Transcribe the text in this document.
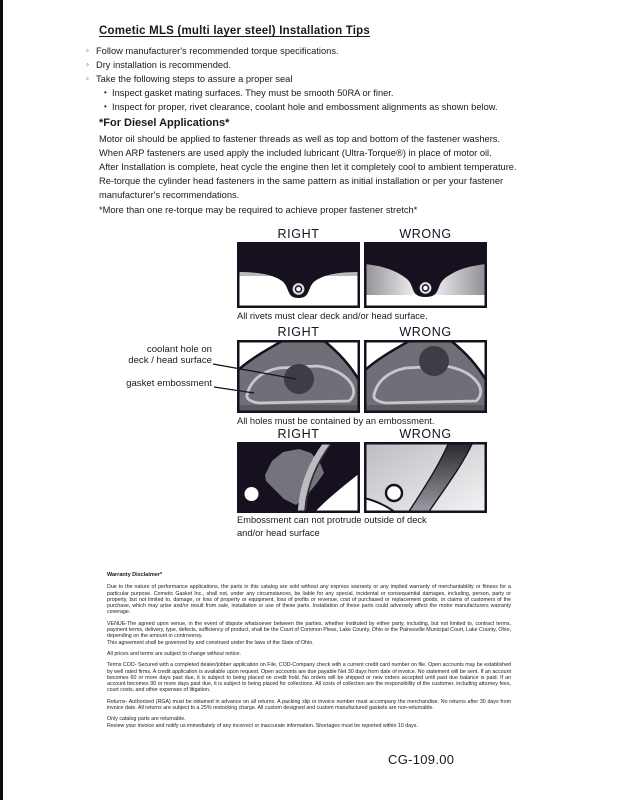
Cometic MLS (multi layer steel) Installation Tips
◦ Follow manufacturer's recommended torque specifications.
◦ Dry installation is recommended.
◦ Take the following steps to assure a proper seal
• Inspect gasket mating surfaces. They must be smooth 50RA or finer.
• Inspect for proper, rivet clearance, coolant hole and embossment alignments as shown below.
*For Diesel Applications*
Motor oil should be applied to fastener threads as well as top and bottom of the fastener washers. When ARP fasteners are used apply the included lubricant (Ultra-Torque®) in place of motor oil.
After Installation is complete, heat cycle the engine then let it completely cool to ambient temperature. Re-torque the cylinder head fasteners in the same pattern as initial installation or per your fastener manufacturer's recommendations.
*More than one re-torque may be required to achieve proper fastener stretch*
RIGHT	WRONG
All rivets must clear deck and/or head surface.
RIGHT	WRONG
coolant hole on
deck / head surface
gasket embossment
All holes must be contained by an embossment.
RIGHT	WRONG
Embossment can not protrude outside of deck and/or head surface
Warranty Disclaimer*
Due to the nature of performance applications, the parts in this catalog are sold without any express warranty or any implied warranty of merchantability or fitness for a particular purpose. Cometic Gasket Inc., shall not, under any circumstances, be liable for any special, incidental or consequential damages, including, person, party or property, but not limited to, damage, or loss of property or equipment, loss of profits or revenue, cost of purchased or replacement goods, or claims of customers of the purchase, which may arise and/or result from sale, installation or use of these parts. Installation of these parts could adversely affect the motor manufacturers warranty coverage.
VENUE-The agreed upon venue, in the event of dispute whatsoever between the parties, whether instituted by either party, including, but not limited to, contract terms, payment terms, delivery, type, defects, sufficiency of product, shall be the Court of Common Pleas, Lake County, Ohio or the Painesville Municipal Court, Lake County, Ohio, depending on the amount in controversy.
This agreement shall be governed by and construed under the laws of the State of Ohio.
All prices and terms are subject to change without notice.
Terms COD- Secured with a completed dealer/jobber application on File, COD-Company check with a current credit card number on file. Open accounts may be established by well rated firms. A credit application is available upon request. Open accounts are due payable Net 30 days from date of invoice. No statement will be sent. If an account becomes 60 or more days past due, it is subject to being placed on credit hold. No orders will be shipped or new orders accepted until past due balance is paid. If an account becomes 90 or more days past due, it is subject to being placed for collections. All costs of collection are the responsibility of the customer, including attorney fees, court costs, and other expenses of litigation.
Returns- Authorized (RGA) must be obtained in advance on all returns. A packing slip or invoice number must accompany the merchandise. No returns after 30 days from invoice date. All returns are subject to a 25% restocking charge. All custom designed and custom manufactured gaskets are non-returnable.
Only catalog parts are returnable.
Review your invoice and notify us immediately of any incorrect or inaccurate information. Shortages must be reported within 10 days.
CG-109.00
